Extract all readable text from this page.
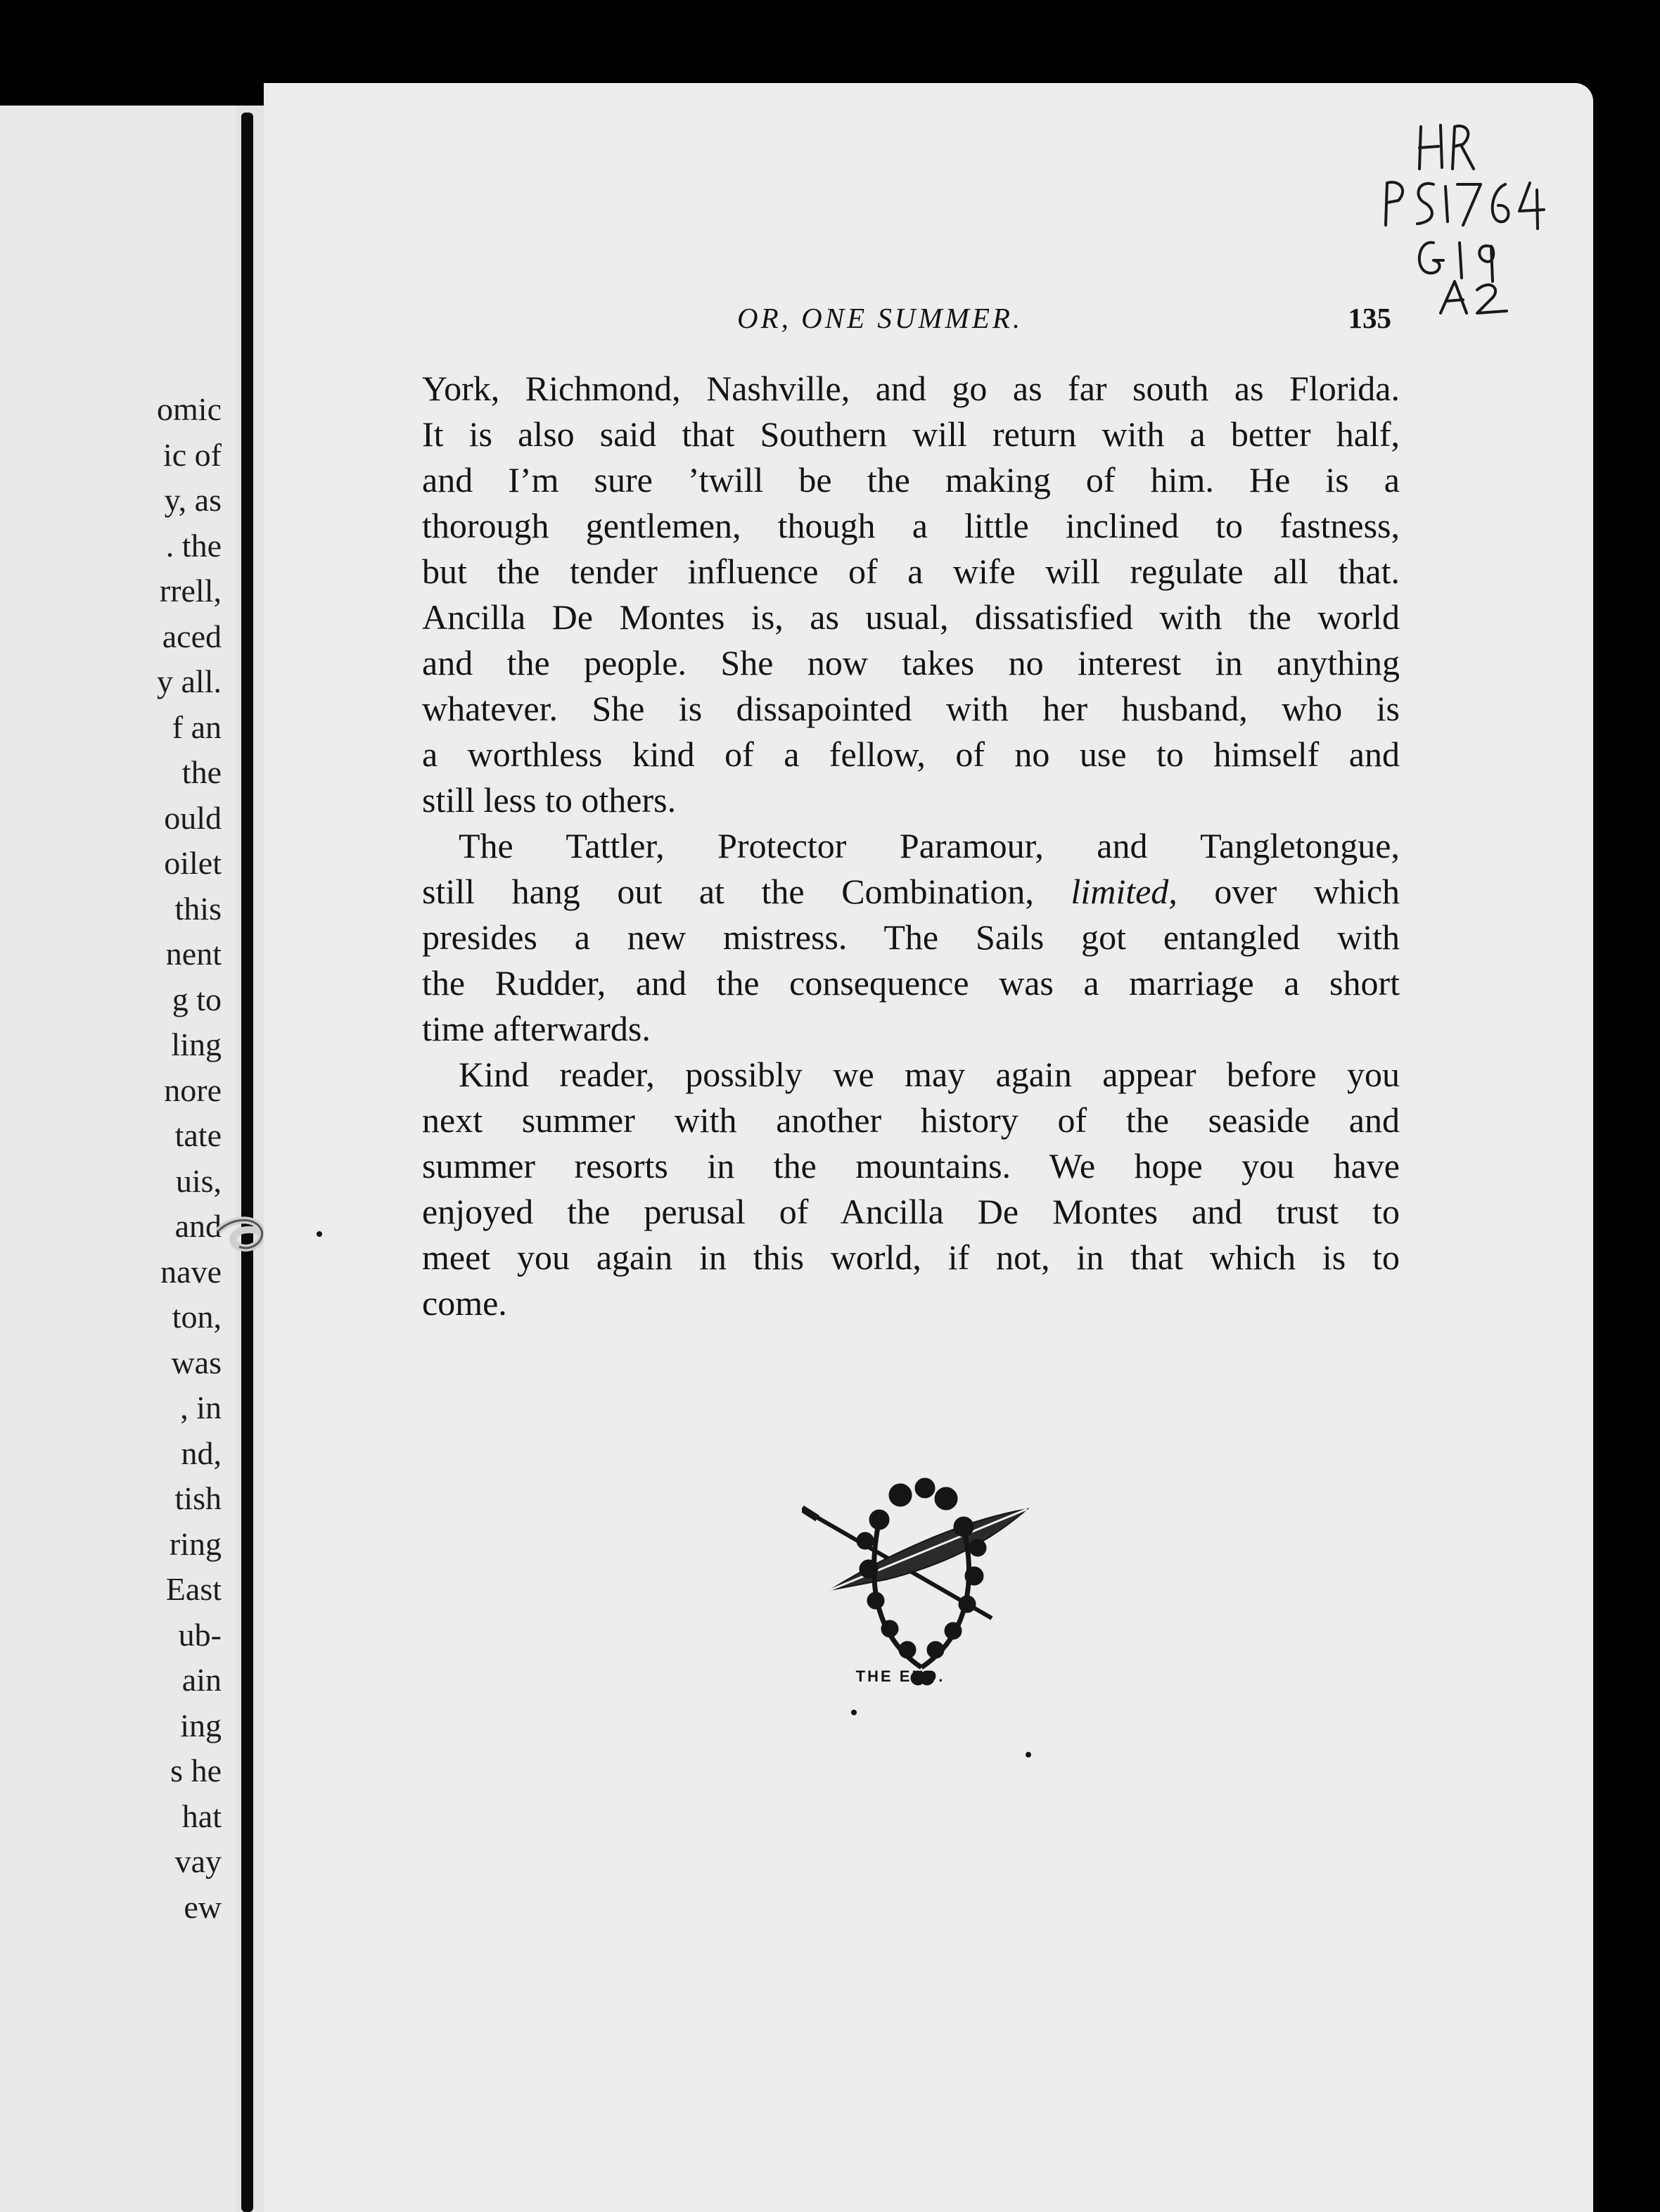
omic
ic of
y, as
. the
rrell,
aced
y all.
f an
the
ould
oilet
this
nent
g to
ling
nore
tate
uis,
and
nave
ton,
was
, in
nd,
tish
ring
East
ub-
ain
ing
s he
hat
vay
ew
OR, ONE SUMMER.	135
York, Richmond, Nashville, and go as far south as Florida.
It is also said that Southern will return with a better half,
and I’m sure ’twill be the making of him. He is a
thorough gentlemen, though a little inclined to fastness,
but the tender influence of a wife will regulate all that.
Ancilla De Montes is, as usual, dissatisfied with the world
and the people. She now takes no interest in anything
whatever. She is dissapointed with her husband, who is
a worthless kind of a fellow, of no use to himself and
still less to others.
The Tattler, Protector Paramour, and Tangletongue,
still hang out at the Combination, limited, over which
presides a new mistress. The Sails got entangled with
the Rudder, and the consequence was a marriage a short
time afterwards.
Kind reader, possibly we may again appear before you
next summer with another history of the seaside and
summer resorts in the mountains. We hope you have
enjoyed the perusal of Ancilla De Montes and trust to
meet you again in this world, if not, in that which is to
come.
THE END.
